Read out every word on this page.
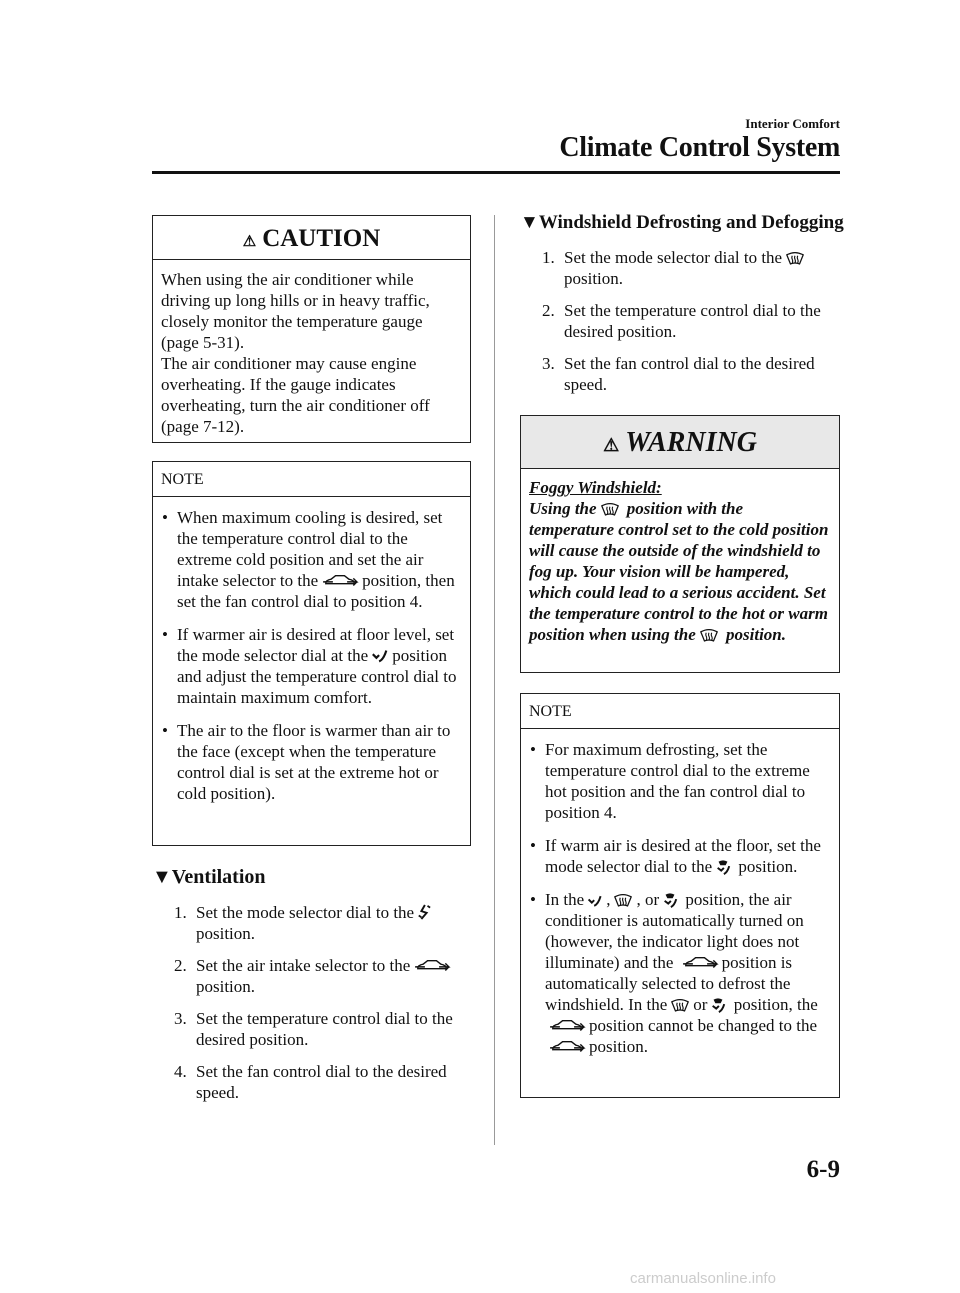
Interior Comfort
Climate Control System
⚠ CAUTION
When using the air conditioner while driving up long hills or in heavy traffic, closely monitor the temperature gauge (page 5-31).
The air conditioner may cause engine overheating. If the gauge indicates overheating, turn the air conditioner off (page 7-12).
NOTE
• When maximum cooling is desired, set the temperature control dial to the extreme cold position and set the air intake selector to the	position, then set the fan control dial to position 4.
• If warmer air is desired at floor level, set the mode selector dial at the position and adjust the temperature control dial to maintain maximum comfort.
• The air to the floor is warmer than air to the face (except when the temperature control dial is set at the extreme hot or cold position).
▼Ventilation
1. Set the mode selector dial to the
position.
2. Set the air intake selector to the
position.
3. Set the temperature control dial to the desired position.
4. Set the fan control dial to the desired speed.
▼Windshield Defrosting and Defogging
1. Set the mode selector dial to the
position.
2. Set the temperature control dial to the desired position.
3. Set the fan control dial to the desired speed.
⚠ WARNING
Foggy Windshield:
Using the position with the temperature control set to the cold position will cause the outside of the windshield to fog up. Your vision will be hampered, which could lead to a serious accident. Set the temperature control to the hot or warm position when using the position.
NOTE
• For maximum defrosting, set the temperature control dial to the extreme hot position and the fan control dial to position 4.
• If warm air is desired at the floor, set the mode selector dial to the position.
• In the , , or position, the air conditioner is automatically turned on (however, the indicator light does not illuminate) and the	position is automatically selected to defrost the windshield. In the or position, the
position cannot be changed to the
position.
6-9
carmanualsonline.info
